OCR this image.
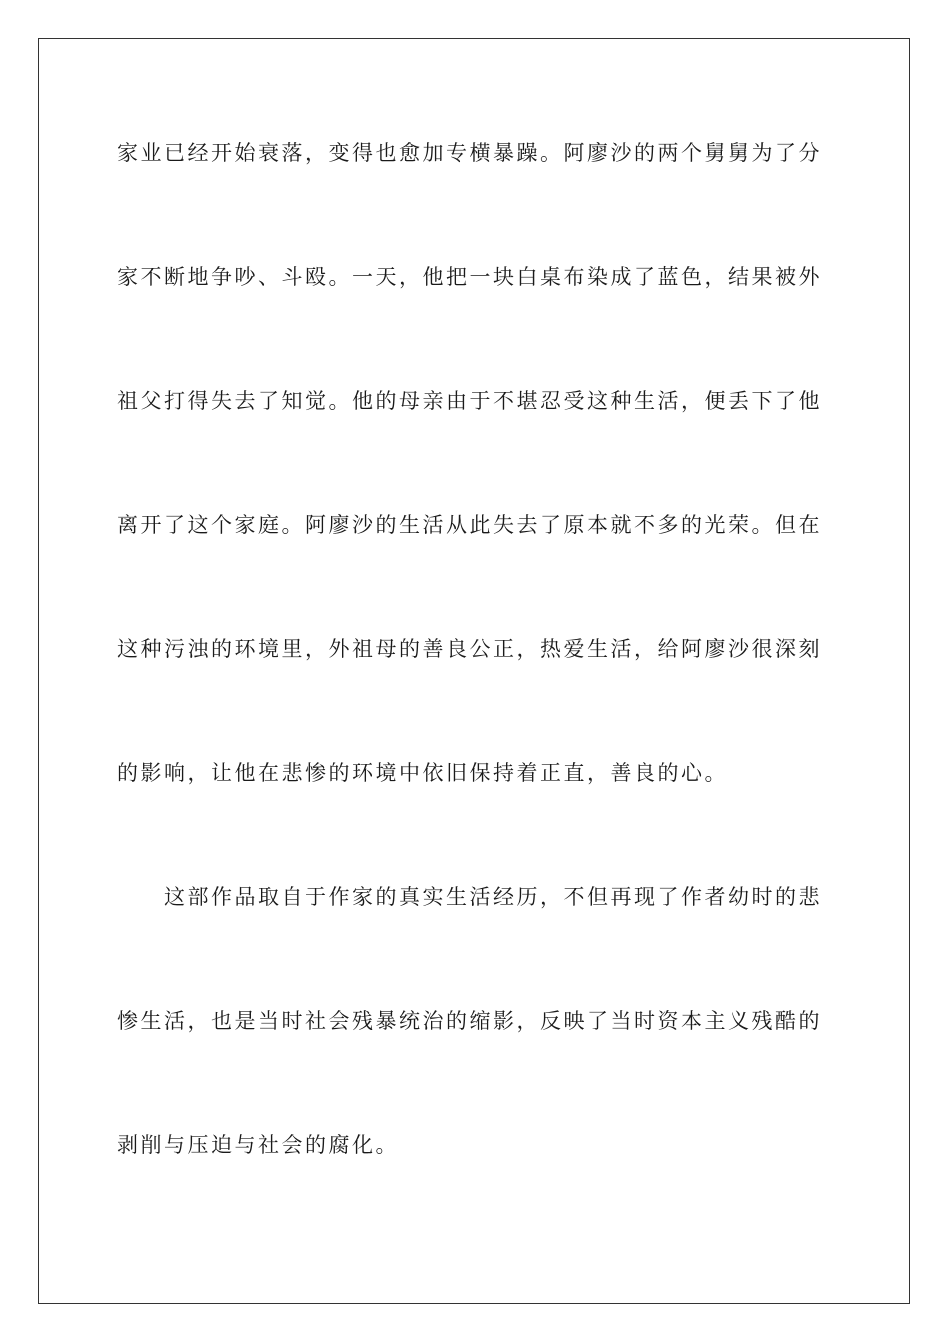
家业已经开始衰落，变得也愈加专横暴躁。阿廖沙的两个舅舅为了分
家不断地争吵、斗殴。一天，他把一块白桌布染成了蓝色，结果被外
祖父打得失去了知觉。他的母亲由于不堪忍受这种生活，便丢下了他
离开了这个家庭。阿廖沙的生活从此失去了原本就不多的光荣。但在
这种污浊的环境里，外祖母的善良公正，热爱生活，给阿廖沙很深刻
的影响，让他在悲惨的环境中依旧保持着正直，善良的心。
这部作品取自于作家的真实生活经历，不但再现了作者幼时的悲
惨生活，也是当时社会残暴统治的缩影，反映了当时资本主义残酷的
剥削与压迫与社会的腐化。
